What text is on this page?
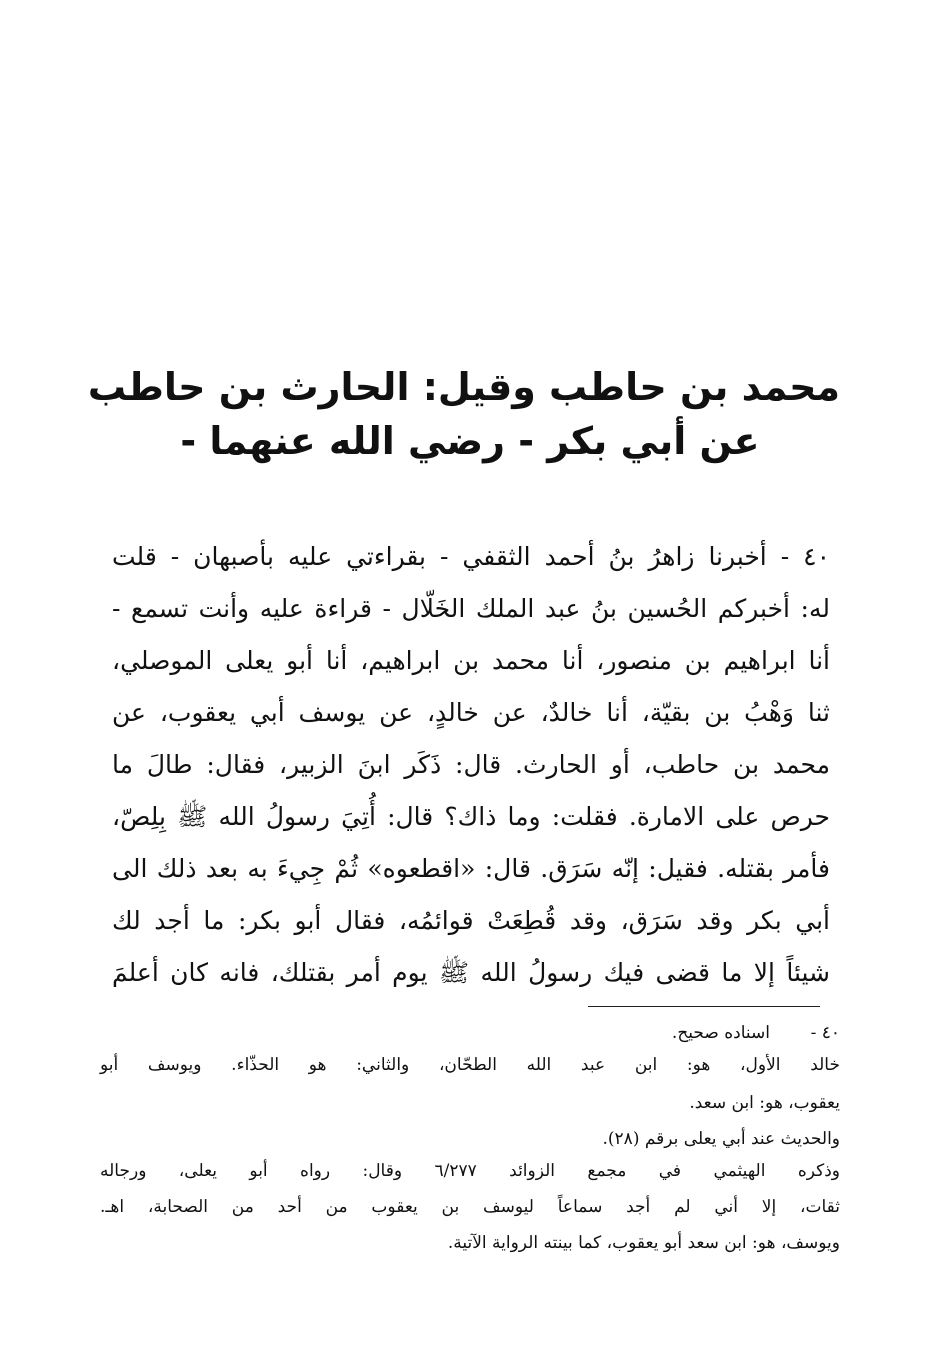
محمد بن حاطب وقيل: الحارث بن حاطب
عن أبي بكر - رضي الله عنهما -
٤٠ - أخبرنا زاهرُ بنُ أحمد الثقفي - بقراءتي عليه بأصبهان - قلت
له: أخبركم الحُسين بنُ عبد الملك الخَلّال - قراءة عليه وأنت تسمع -
أنا ابراهيم بن منصور، أنا محمد بن ابراهيم، أنا أبو يعلى الموصلي،
ثنا وَهْبُ بن بقيّة، أنا خالدٌ، عن خالدٍ، عن يوسف أبي يعقوب، عن
محمد بن حاطب، أو الحارث. قال: ذَكَر ابنَ الزبير، فقال: طالَ ما
حرص على الامارة. فقلت: وما ذاك؟ قال: أُتِيَ رسولُ الله ﷺ بِلِصّ،
فأمر بقتله. فقيل: إنّه سَرَق. قال: «اقطعوه» ثُمْ جِيءَ به بعد ذلك الى
أبي بكر وقد سَرَق، وقد قُطِعَتْ قوائمُه، فقال أبو بكر: ما أجد لك
شيئاً إلا ما قضى فيك رسولُ الله ﷺ يوم أمر بقتلك، فانه كان أعلمَ
٤٠ -
اسناده صحيح.
خالد الأول، هو: ابن عبد الله الطحّان، والثاني: هو الحذّاء. ويوسف أبو
يعقوب، هو: ابن سعد.
والحديث عند أبي يعلى برقم (٢٨).
وذكره الهيثمي في مجمع الزوائد ٦/٢٧٧ وقال: رواه أبو يعلى، ورجاله
ثقات، إلا أني لم أجد سماعاً ليوسف بن يعقوب من أحد من الصحابة، اهـ.
ويوسف، هو: ابن سعد أبو يعقوب، كما بينته الرواية الآتية.
